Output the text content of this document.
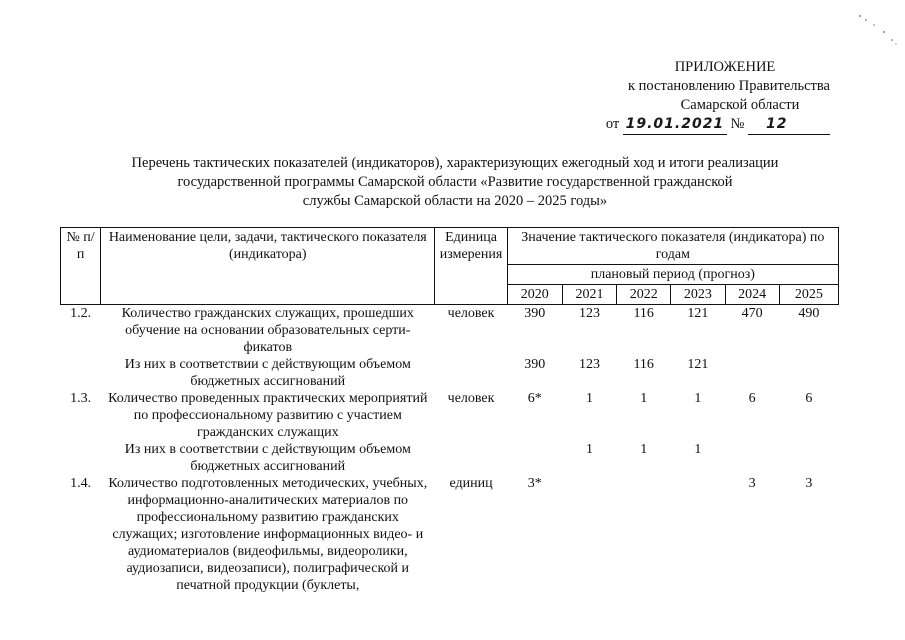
ПРИЛОЖЕНИЕ
к постановлению Правительства
Самарской области
от 19.01.2021 № 12
Перечень тактических показателей (индикаторов), характеризующих ежегодный ход и итоги реализации
государственной программы Самарской области «Развитие государственной гражданской
службы Самарской области на 2020 – 2025 годы»
№ п/п	Наименование цели, задачи, тактического показателя (индикатора)	Единица измерения	Значение тактического показателя (индикатора) по годам					
			плановый период (прогноз)					
			2020	2021	2022	2023	2024	2025
1.2.	Количество гражданских служащих, прошедших обучение на основании образовательных серти-фикатов	человек	390	123	116	121	470	490
	Из них в соответствии с действующим объемом бюджетных ассигнований		390	123	116	121		
1.3.	Количество проведенных практических мероприятий по профессиональному развитию с участием гражданских служащих	человек	6*	1	1	1	6	6
	Из них в соответствии с действующим объемом бюджетных ассигнований			1	1	1		
1.4.	Количество подготовленных методических, учебных, информационно-аналитических материалов по профессиональному развитию гражданских служащих; изготовление информационных видео- и аудиоматериалов (видеофильмы, видеоролики, аудиозаписи, видеозаписи), полиграфической и печатной продукции (буклеты,	единиц	3*				3	3
